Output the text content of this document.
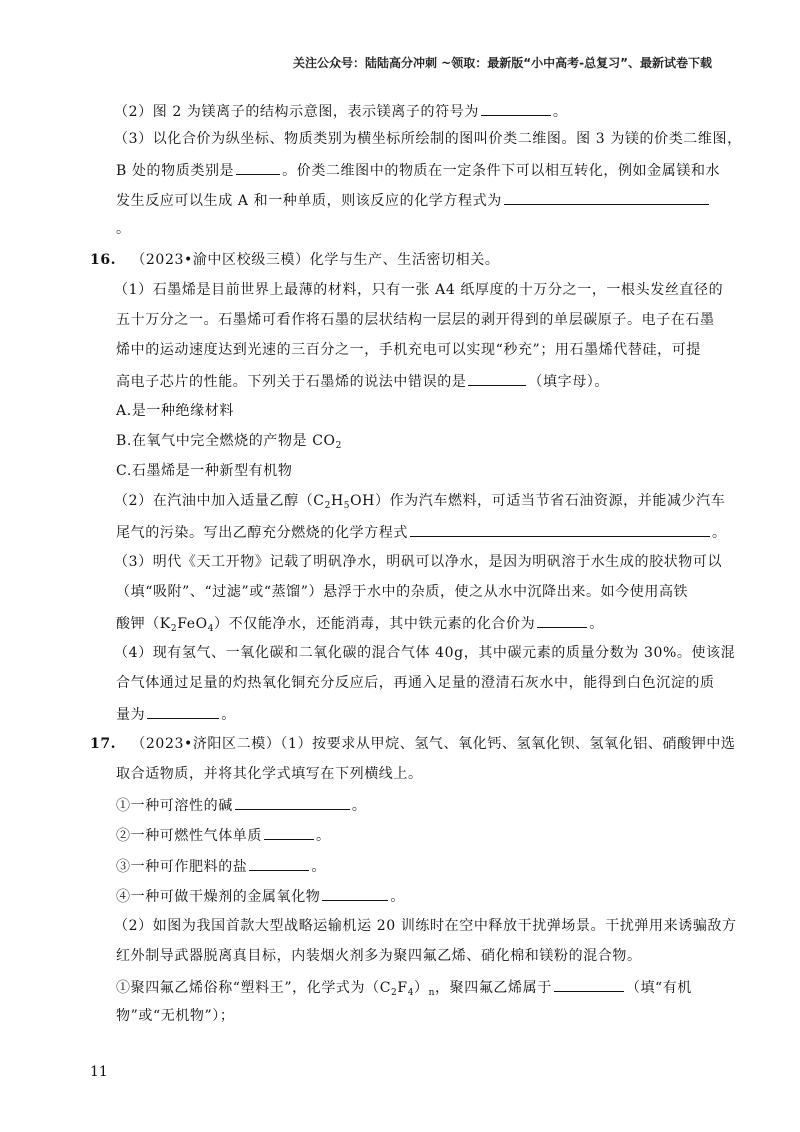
关注公众号：陆陆高分冲刺 ~领取：最新版“小中高考-总复习”、最新试卷下载
（2）图 2 为镁离子的结构示意图，表示镁离子的符号为	。
（3）以化合价为纵坐标、物质类别为横坐标所绘制的图叫价类二维图。图 3 为镁的价类二维图，
B 处的物质类别是	。价类二维图中的物质在一定条件下可以相互转化，例如金属镁和水
发生反应可以生成 A 和一种单质，则该反应的化学方程式为
。
16. （2023•渝中区校级三模）化学与生产、生活密切相关。
（1）石墨烯是目前世界上最薄的材料，只有一张 A4 纸厚度的十万分之一，一根头发丝直径的
五十万分之一。石墨烯可看作将石墨的层状结构一层层的剥开得到的单层碳原子。电子在石墨
烯中的运动速度达到光速的三百分之一，手机充电可以实现“秒充”；用石墨烯代替硅，可提
高电子芯片的性能。下列关于石墨烯的说法中错误的是	（填字母）。
A.是一种绝缘材料
B.在氧气中完全燃烧的产物是 $CO_2$
C.石墨烯是一种新型有机物
（2）在汽油中加入适量乙醇$(C_2H_5OH)$作为汽车燃料，可适当节省石油资源，并能减少汽车
尾气的污染。写出乙醇充分燃烧的化学方程式	。
（3）明代《天工开物》记载了明矾净水，明矾可以净水，是因为明矾溶于水生成的胶状物可以
（填“吸附”、“过滤”或“蒸馏”）悬浮于水中的杂质，使之从水中沉降出来。如今使用高铁
酸钾$(K_2FeO_4)$不仅能净水，还能消毒，其中铁元素的化合价为	。
（4）现有氢气、一氧化碳和二氧化碳的混合气体 40g，其中碳元素的质量分数为 30%。使该混
合气体通过足量的灼热氧化铜充分反应后，再通入足量的澄清石灰水中，能得到白色沉淀的质
量为	。
17. （2023•济阳区二模）（1）按要求从甲烷、氢气、氧化钙、氢氧化钡、氢氧化铝、硝酸钾中选
取合适物质，并将其化学式填写在下列横线上。
①一种可溶性的碱	。
②一种可燃性气体单质	。
③一种可作肥料的盐	。
④一种可做干燥剂的金属氧化物	。
（2）如图为我国首款大型战略运输机运 20 训练时在空中释放干扰弹场景。干扰弹用来诱骗敌方
红外制导武器脱离真目标，内装烟火剂多为聚四氟乙烯、硝化棉和镁粉的混合物。
①聚四氟乙烯俗称“塑料王”，化学式为$(C_2F_4)_n$，聚四氟乙烯属于	（填“有机
物”或“无机物”）；
11
